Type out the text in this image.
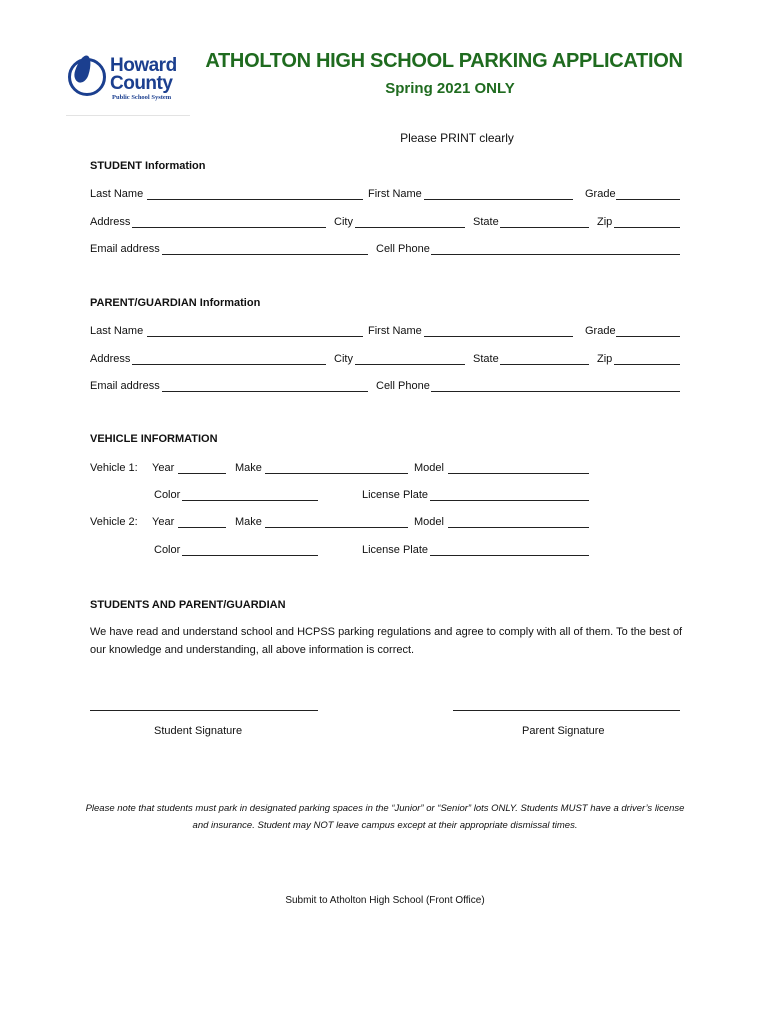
Howard
County
Public School System
ATHOLTON HIGH SCHOOL PARKING APPLICATION
Spring 2021 ONLY
Please PRINT clearly
STUDENT Information
Last Name	First Name	Grade
Address	City	State	Zip
Email address	Cell Phone
PARENT/GUARDIAN Information
Last Name	First Name	Grade
Address	City	State	Zip
Email address	Cell Phone
VEHICLE INFORMATION
Vehicle 1: Year	Make	Model
Color	License Plate
Vehicle 2: Year	Make	Model
Color	License Plate
STUDENTS AND PARENT/GUARDIAN
We have read and understand school and HCPSS parking regulations and agree to comply with all of them. To the best of our knowledge and understanding, all above information is correct.
Student Signature	Parent Signature
Please note that students must park in designated parking spaces in the “Junior” or “Senior” lots ONLY. Students MUST have a driver’s license and insurance. Student may NOT leave campus except at their appropriate dismissal times.
Submit to Atholton High School (Front Office)
